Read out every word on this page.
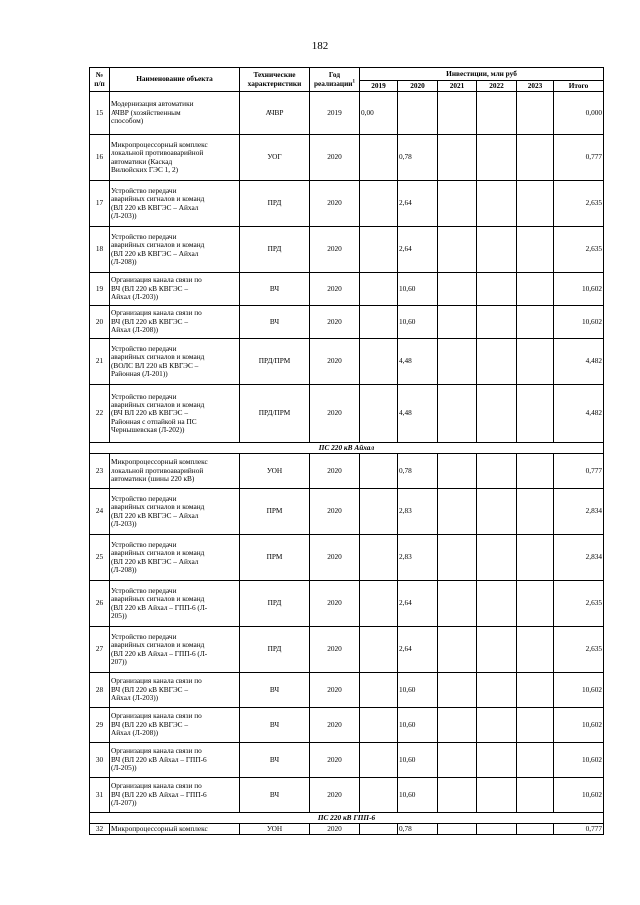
182
№
п/п	Наименование объекта	Технические характеристики	Год реализации$^1$	Инвестиции, млн руб					
				2019	2020	2021	2022	2023	Итого
15	Модернизация автоматики
АЧВР (хозяйственным
способом)	АЧВР	2019	0,00					0,000
16	Микропроцессорный комплекс
локальной противоаварийной
автоматики (Каскад
Вилюйских ГЭС 1, 2)	УОГ	2020		0,78				0,777
17	Устройство передачи
аварийных сигналов и команд
(ВЛ 220 кВ КВГЭС – Айхал
(Л-203))	ПРД	2020		2,64				2,635
18	Устройство передачи
аварийных сигналов и команд
(ВЛ 220 кВ КВГЭС – Айхал
(Л-208))	ПРД	2020		2,64				2,635
19	Организация канала связи по
ВЧ (ВЛ 220 кВ КВГЭС –
Айхал (Л-203))	ВЧ	2020		10,60				10,602
20	Организация канала связи по
ВЧ (ВЛ 220 кВ КВГЭС –
Айхал (Л-208))	ВЧ	2020		10,60				10,602
21	Устройство передачи
аварийных сигналов и команд
(ВОЛС ВЛ 220 кВ КВГЭС –
Районная (Л-201))	ПРД/ПРМ	2020		4,48				4,482
22	Устройство передачи
аварийных сигналов и команд
(ВЧ ВЛ 220 кВ КВГЭС –
Районная с отпайкой на ПС
Чернышевская (Л-202))	ПРД/ПРМ	2020		4,48				4,482
ПС 220 кВ Айхал									
23	Микропроцессорный комплекс
локальной противоаварийной
автоматики (шины 220 кВ)	УОН	2020		0,78				0,777
24	Устройство передачи
аварийных сигналов и команд
(ВЛ 220 кВ КВГЭС – Айхал
(Л-203))	ПРМ	2020		2,83				2,834
25	Устройство передачи
аварийных сигналов и команд
(ВЛ 220 кВ КВГЭС – Айхал
(Л-208))	ПРМ	2020		2,83				2,834
26	Устройство передачи
аварийных сигналов и команд
(ВЛ 220 кВ Айхал – ГПП-6 (Л-
205))	ПРД	2020		2,64				2,635
27	Устройство передачи
аварийных сигналов и команд
(ВЛ 220 кВ Айхал – ГПП-6 (Л-
207))	ПРД	2020		2,64				2,635
28	Организация канала связи по
ВЧ (ВЛ 220 кВ КВГЭС –
Айхал (Л-203))	ВЧ	2020		10,60				10,602
29	Организация канала связи по
ВЧ (ВЛ 220 кВ КВГЭС –
Айхал (Л-208))	ВЧ	2020		10,60				10,602
30	Организация канала связи по
ВЧ (ВЛ 220 кВ Айхал – ГПП-6
(Л-205))	ВЧ	2020		10,60				10,602
31	Организация канала связи по
ВЧ (ВЛ 220 кВ Айхал – ГПП-6
(Л-207))	ВЧ	2020		10,60				10,602
ПС 220 кВ ГПП-6									
32	Микропроцессорный комплекс	УОН	2020		0,78				0,777
